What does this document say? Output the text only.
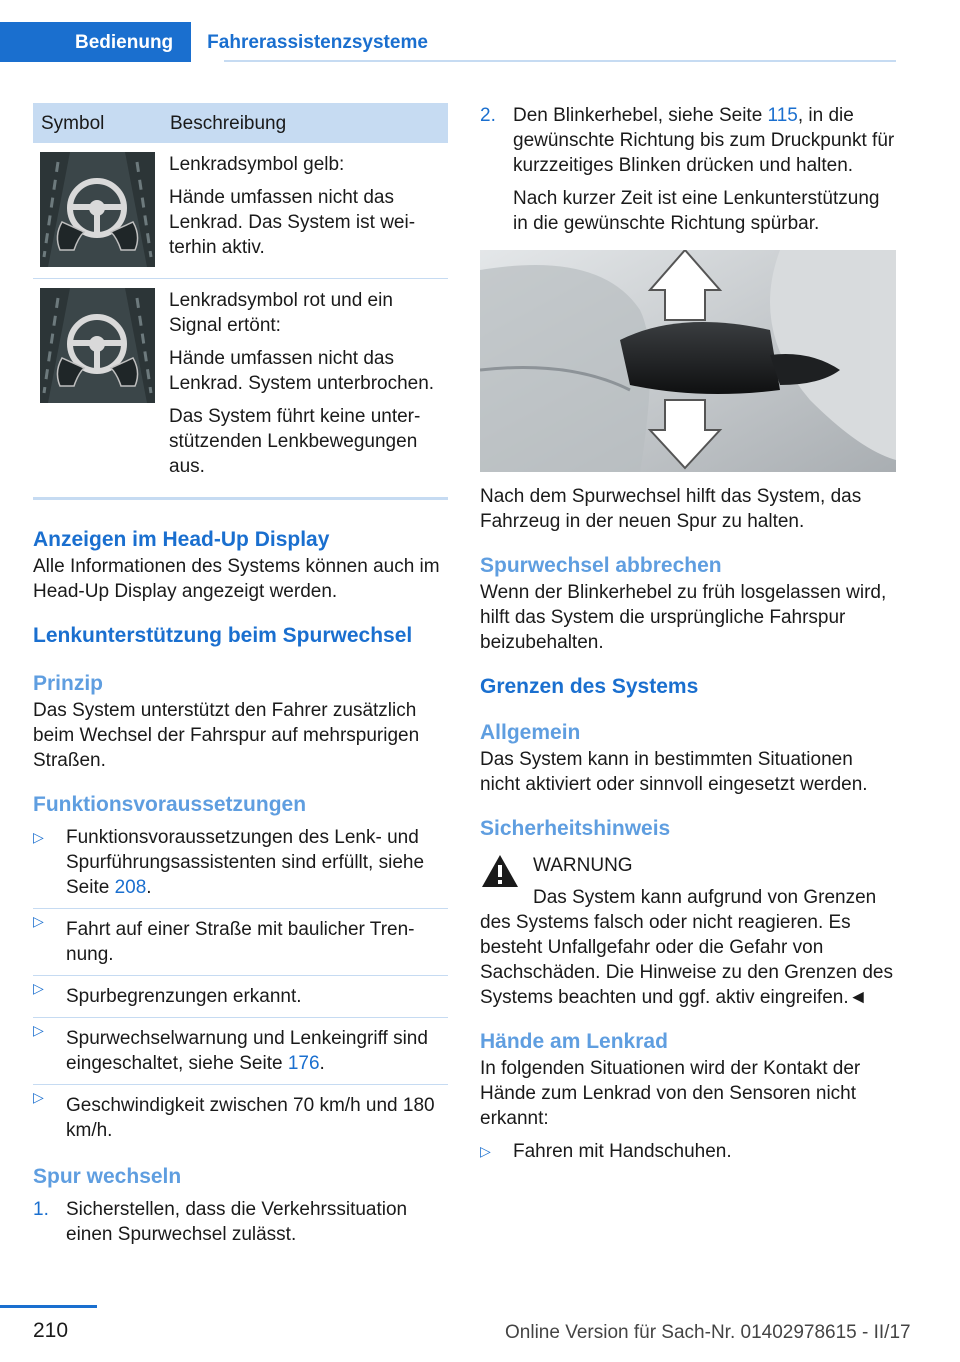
Bedienung	Fahrerassistenzsysteme
Symbol	Beschreibung

Lenkradsymbol gelb:

Hände umfassen nicht das Lenkrad. Das System ist weiterhin aktiv.

Lenkradsymbol rot und ein Signal ertönt:

Hände umfassen nicht das Lenkrad. System unterbrochen.

Das System führt keine unterstützenden Lenkbewegungen aus.

Anzeigen im Head-Up Display

Alle Informationen des Systems können auch im Head-Up Display angezeigt werden.

Lenkunterstützung beim Spurwechsel
Prinzip

Das System unterstützt den Fahrer zusätzlich beim Wechsel der Fahrspur auf mehrspurigen Straßen.

Funktionsvoraussetzungen
▷ Funktionsvoraussetzungen des Lenk- und Spurführungsassistenten sind erfüllt, siehe Seite 208.
▷ Fahrt auf einer Straße mit baulicher Trennung.
▷ Spurbegrenzungen erkannt.
▷ Spurwechselwarnung und Lenkeingriff sind eingeschaltet, siehe Seite 176.
▷ Geschwindigkeit zwischen 70 km/h und 180 km/h.
Spur wechseln
1. Sicherstellen, dass die Verkehrssituation einen Spurwechsel zulässt.
2. Den Blinkerhebel, siehe Seite 115, in die gewünschte Richtung bis zum Druckpunkt für kurzzeitiges Blinken drücken und halten.

Nach kurzer Zeit ist eine Lenkunterstützung in die gewünschte Richtung spürbar.

Nach dem Spurwechsel hilft das System, das Fahrzeug in der neuen Spur zu halten.

Spurwechsel abbrechen

Wenn der Blinkerhebel zu früh losgelassen wird, hilft das System die ursprüngliche Fahrspur beizubehalten.

Grenzen des Systems
Allgemein

Das System kann in bestimmten Situationen nicht aktiviert oder sinnvoll eingesetzt werden.

Sicherheitshinweis

WARNUNG

Das System kann aufgrund von Grenzen

des Systems falsch oder nicht reagieren. Es besteht Unfallgefahr oder die Gefahr von Sachschäden. Die Hinweise zu den Grenzen des Systems beachten und ggf. aktiv eingreifen.◄

Hände am Lenkrad

In folgenden Situationen wird der Kontakt der Hände zum Lenkrad von den Sensoren nicht erkannt:

▷ Fahren mit Handschuhen.
210	Online Version für Sach-Nr. 01402978615 - II/17
